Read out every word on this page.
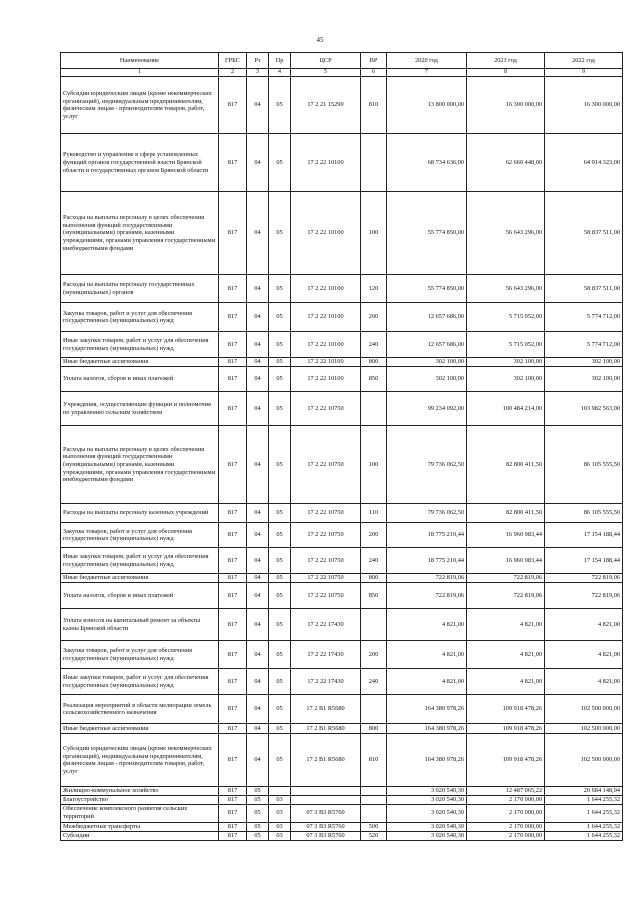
45
Наименование	ГРБС	Рз	Пр	ЦСР	ВР	2020 год	2021 год	2022 год
1	2	3	4	5	6	7	8	9
Субсидии юридическим лицам (кроме некоммерческих организаций), индивидуальным предпринимателям, физическим лицам - производителям товаров, работ, услуг	817	04	05	17 2 21 15290	810	13 800 000,00	16 300 000,00	16 300 000,00
Руководство и управление в сфере установленных функций органов государственной власти Брянской области и государственных органов Брянской области	817	04	05	17 2 22 10100		68 734 636,00	62 660 448,00	64 914 323,00
Расходы на выплаты персоналу в целях обеспечения выполнения функций государственными (муниципальными) органами, казенными учреждениями, органами управления государственными внебюджетными фондами	817	04	05	17 2 22 10100	100	55 774 850,00	56 643 296,00	58 837 511,00
Расходы на выплаты персоналу государственных (муниципальных) органов	817	04	05	17 2 22 10100	120	55 774 850,00	56 643 296,00	58 837 511,00
Закупка товаров, работ и услуг для обеспечения государственных (муниципальных) нужд	817	04	05	17 2 22 10100	200	12 657 686,00	5 715 052,00	5 774 712,00
Иные закупки товаров, работ и услуг для обеспечения государственных (муниципальных) нужд	817	04	05	17 2 22 10100	240	12 657 686,00	5 715 052,00	5 774 712,00
Иные бюджетные ассигнования	817	04	05	17 2 22 10100	800	302 100,00	302 100,00	302 100,00
Уплата налогов, сборов и иных платежей	817	04	05	17 2 22 10100	850	302 100,00	302 100,00	302 100,00
Учреждения, осуществляющие функции и полномочия по управлению сельским хозяйством	817	04	05	17 2 22 10750		99 234 092,00	100 484 214,00	103 982 563,00
Расходы на выплаты персоналу в целях обеспечения выполнения функций государственными (муниципальными) органами, казенными учреждениями, органами управления государственными внебюджетными фондами	817	04	05	17 2 22 10750	100	79 736 062,50	82 800 411,50	86 105 555,50
Расходы на выплаты персоналу казенных учреждений	817	04	05	17 2 22 10750	110	79 736 062,50	82 800 411,50	86 105 555,50
Закупка товаров, работ и услуг для обеспечения государственных (муниципальных) нужд	817	04	05	17 2 22 10750	200	18 775 210,44	16 960 983,44	17 154 188,44
Иные закупки товаров, работ и услуг для обеспечения государственных (муниципальных) нужд	817	04	05	17 2 22 10750	240	18 775 210,44	16 960 983,44	17 154 188,44
Иные бюджетные ассигнования	817	04	05	17 2 22 10750	800	722 819,06	722 819,06	722 819,06
Уплата налогов, сборов и иных платежей	817	04	05	17 2 22 10750	850	722 819,06	722 819,06	722 819,06
Уплата взносов на капитальный ремонт за объекты казны Брянской области	817	04	05	17 2 22 17430		4 821,00	4 821,00	4 821,00
Закупка товаров, работ и услуг для обеспечения государственных (муниципальных) нужд	817	04	05	17 2 22 17430	200	4 821,00	4 821,00	4 821,00
Иные закупки товаров, работ и услуг для обеспечения государственных (муниципальных) нужд	817	04	05	17 2 22 17430	240	4 821,00	4 821,00	4 821,00
Реализация мероприятий в области мелиорации земель сельскохозяйственного назначения	817	04	05	17 2 B1 R5680		164 380 978,26	109 918 478,26	102 500 000,00
Иные бюджетные ассигнования	817	04	05	17 2 B1 R5680	800	164 380 978,26	109 918 478,26	102 500 000,00
Субсидии юридическим лицам (кроме некоммерческих организаций), индивидуальным предпринимателям, физическим лицам - производителям товаров, работ, услуг	817	04	05	17 2 B1 R5680	810	164 380 978,26	109 918 478,26	102 500 000,00
Жилищно-коммунальное хозяйство	817	05				3 020 540,30	12 487 065,22	20 684 148,94
Благоустройство	817	05	03			3 020 540,30	2 170 000,00	1 644 255,32
Обеспечение комплексного развития сельских территорий	817	05	03	07 3 B3 R5760		3 020 540,30	2 170 000,00	1 644 255,32
Межбюджетные трансферты	817	05	03	07 3 B3 R5760	500	3 020 540,30	2 170 000,00	1 644 255,32
Субсидии	817	05	03	07 3 B3 R5760	520	3 020 540,30	2 170 000,00	1 644 255,32
